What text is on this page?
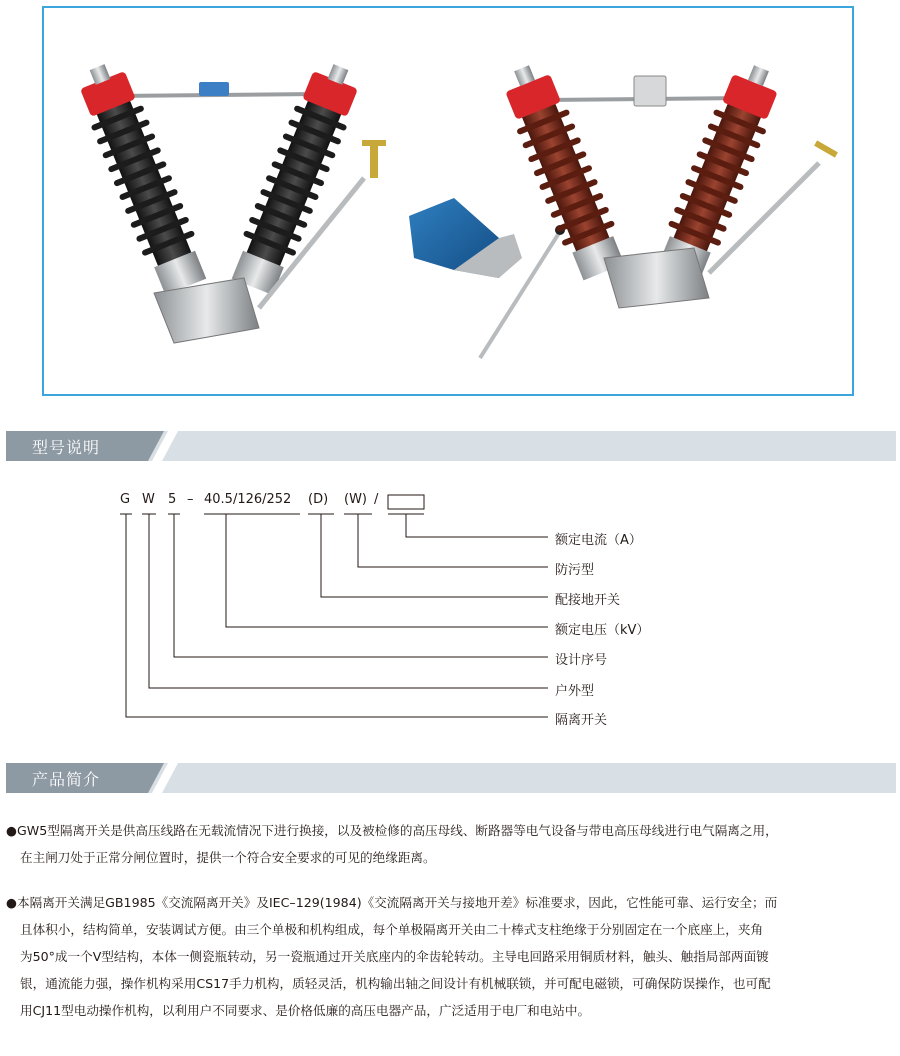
型号说明
G W 5 – 40.5/126/252 (D) (W) /
额定电流（A）
防污型
配接地开关
额定电压（kV）
设计序号
户外型
隔离开关
产品简介

●GW5型隔离开关是供高压线路在无载流情况下进行换接，以及被检修的高压母线、断路器等电气设备与带电高压母线进行电气隔离之用，

在主闸刀处于正常分闸位置时，提供一个符合安全要求的可见的绝缘距离。

●本隔离开关满足GB1985《交流隔离开关》及IEC–129(1984)《交流隔离开关与接地开差》标准要求，因此，它性能可靠、运行安全；而

且体积小，结构简单，安装调试方便。由三个单极和机构组成，每个单极隔离开关由二十棒式支柱绝缘于分别固定在一个底座上，夹角

为50°成一个V型结构，本体一侧瓷瓶转动，另一瓷瓶通过开关底座内的伞齿轮转动。主导电回路采用铜质材料，触头、触指局部两面镀

银，通流能力强，操作机构采用CS17手力机构，质轻灵活，机构输出轴之间设计有机械联锁，并可配电磁锁，可确保防误操作，也可配

用CJ11型电动操作机构，以利用户不同要求、是价格低廉的高压电器产品，广泛适用于电厂和电站中。
